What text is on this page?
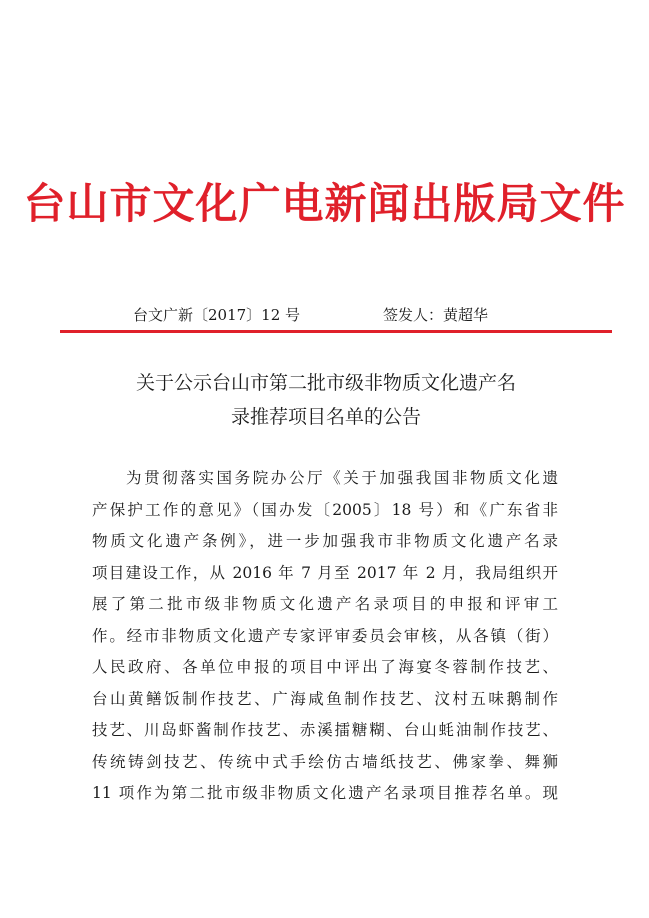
台山市文化广电新闻出版局文件
台文广新〔2017〕12 号	签发人：黄超华
关于公示台山市第二批市级非物质文化遗产名
录推荐项目名单的公告
为贯彻落实国务院办公厅《关于加强我国非物质文化遗
产保护工作的意见》（国办发〔2005〕18 号）和《广东省非
物质文化遗产条例》，进一步加强我市非物质文化遗产名录
项目建设工作，从 2016 年 7 月至 2017 年 2 月，我局组织开
展了第二批市级非物质文化遗产名录项目的申报和评审工
作。经市非物质文化遗产专家评审委员会审核，从各镇（街）
人民政府、各单位申报的项目中评出了海宴冬蓉制作技艺、
台山黄鳝饭制作技艺、广海咸鱼制作技艺、汶村五味鹅制作
技艺、川岛虾酱制作技艺、赤溪擂糖糊、台山蚝油制作技艺、
传统铸剑技艺、传统中式手绘仿古墙纸技艺、佛家拳、舞狮
11 项作为第二批市级非物质文化遗产名录项目推荐名单。现
